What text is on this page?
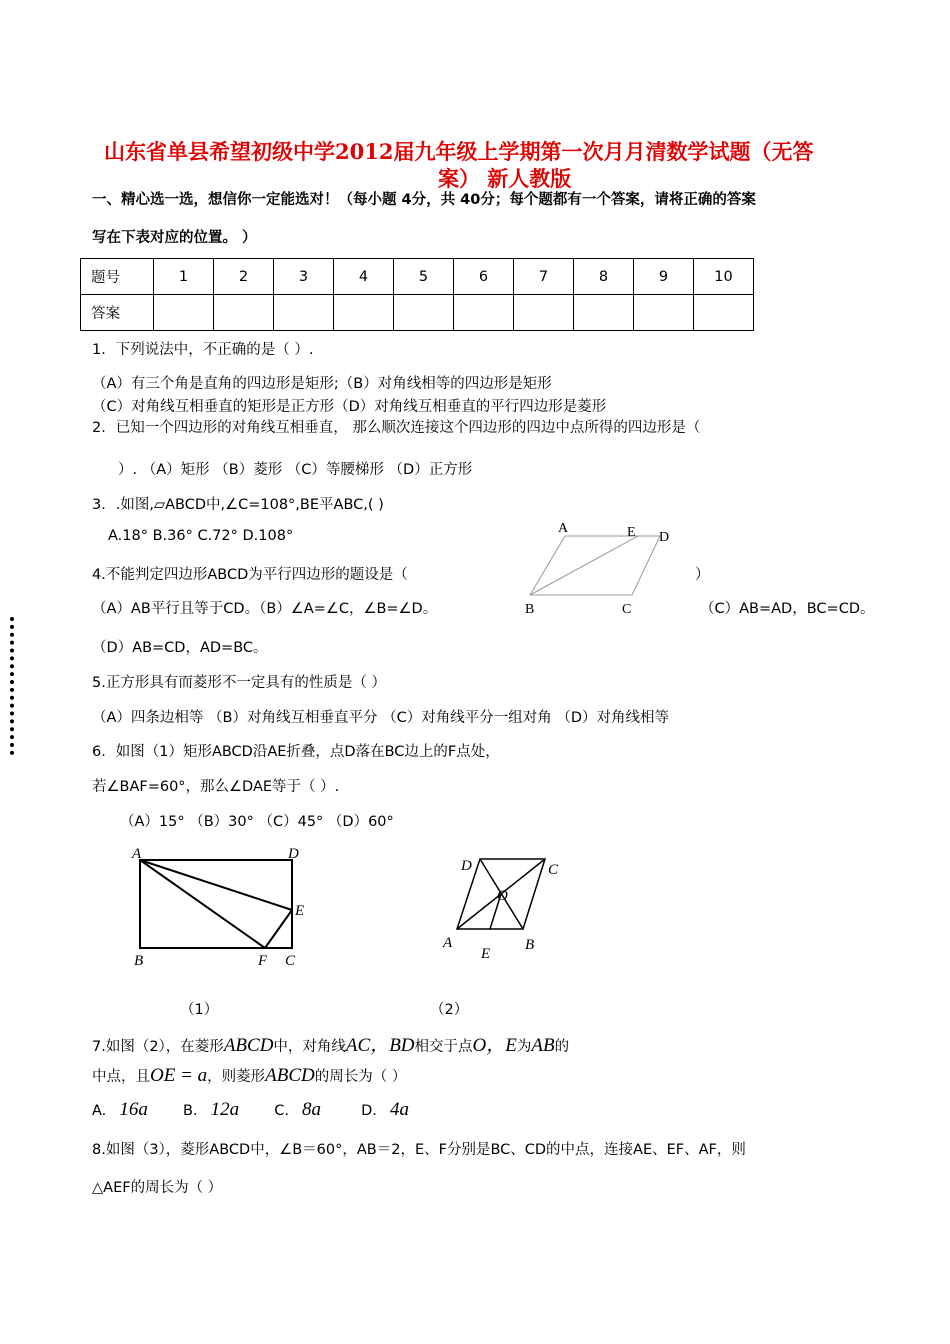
山东省单县希望初级中学2012届九年级上学期第一次月月清数学试题（无答
案） 新人教版
一、精心选一选，想信你一定能选对！（每小题 4分，共 40分；每个题都有一个答案，请将正确的答案
写在下表对应的位置。 ）
题号	1	2	3	4	5	6	7	8	9	10
答案										
1．下列说法中，不正确的是（ ）.
（A）有三个角是直角的四边形是矩形;（B）对角线相等的四边形是矩形
（C）对角线互相垂直的矩形是正方形（D）对角线互相垂直的平行四边形是菱形
2．已知一个四边形的对角线互相垂直， 那么顺次连接这个四边形的四边中点所得的四边形是（
）. （A）矩形 （B）菱形 （C）等腰梯形 （D）正方形
3．.如图,▱ABCD中,∠C=108°,BE平ABC,( )
A.18° B.36° C.72° D.108°	A	E D
B	C
4.不能判定四边形ABCD为平行四边形的题设是（	）
（A）AB平行且等于CD。（B）∠A=∠C，∠B=∠D。	（C）AB=AD，BC=CD。
（D）AB=CD，AD=BC。
5.正方形具有而菱形不一定具有的性质是（ ）
（A）四条边相等 （B）对角线互相垂直平分 （C）对角线平分一组对角 （D）对角线相等
6．如图（1）矩形ABCD沿AE折叠，点D落在BC边上的F点处，
若∠BAF=60°，那么∠DAE等于（ ）.
（A）15° （B）30° （C）45° （D）60°
A	D
E
B	F C
（1）
D	C
O
A
E
B
（2）
7.如图（2），在菱形ABCD中，对角线AC，BD相交于点O，E为AB的
中点，且OE = a，则菱形ABCD的周长为（ ）
A. 16a B. 12a C. 8a	D. 4a
8.如图（3），菱形ABCD中，∠B＝60°，AB＝2，E、F分别是BC、CD的中点，连接AE、EF、AF，则
△AEF的周长为（ ）
